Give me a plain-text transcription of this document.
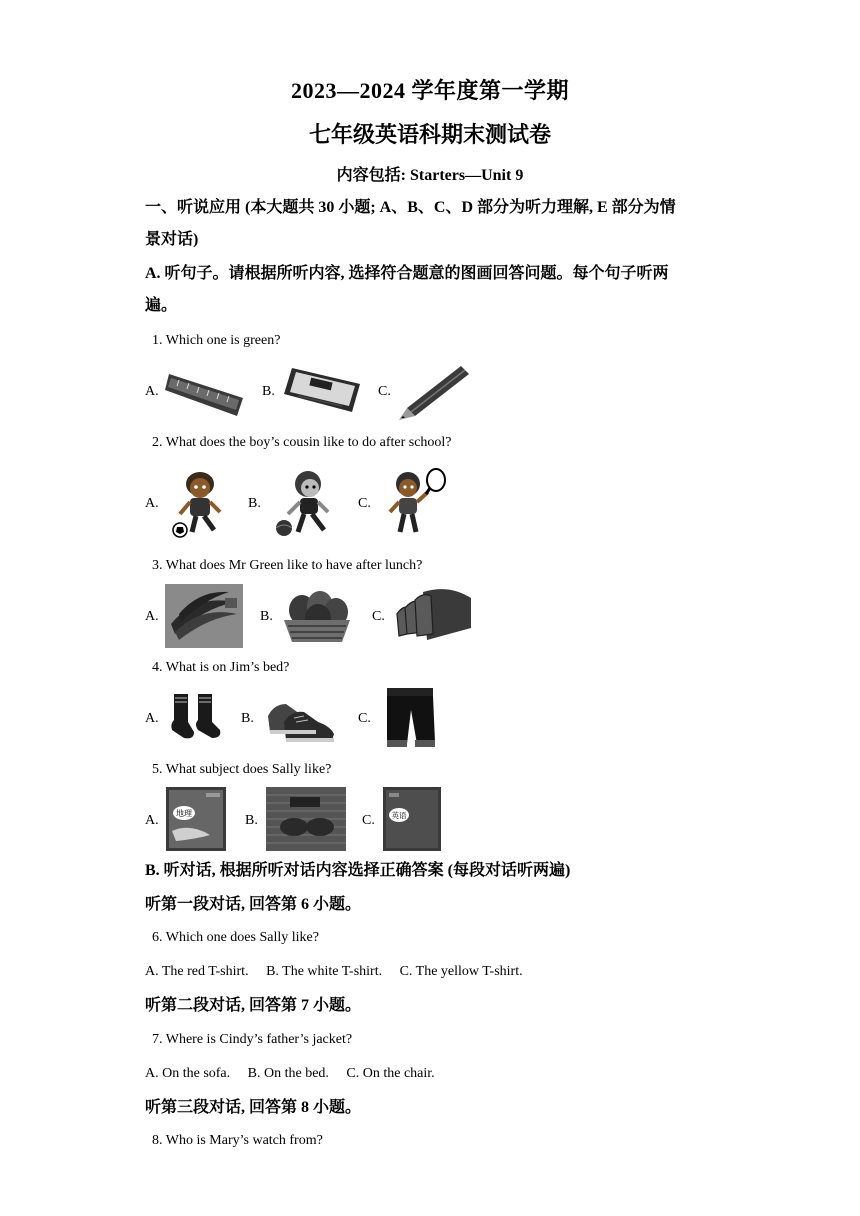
2023—2024 学年度第一学期
七年级英语科期末测试卷
内容包括: Starters—Unit 9
一、听说应用 (本大题共 30 小题; A、B、C、D 部分为听力理解, E 部分为情
景对话)
A. 听句子。请根据所听内容, 选择符合题意的图画回答问题。每个句子听两
遍。
1. Which one is green?
A.	B.	C.
2. What does the boy’s cousin like to do after school?
A.	B.	C.
3. What does Mr Green like to have after lunch?
A.	B.	C.
4. What is on Jim’s bed?
A.	B.	C.
5. What subject does Sally like?
A.	B.	C.
地理	英语
B. 听对话, 根据所听对话内容选择正确答案 (每段对话听两遍)
听第一段对话, 回答第 6 小题。
6. Which one does Sally like?
A. The red T-shirt.     B. The white T-shirt.     C. The yellow T-shirt.
听第二段对话, 回答第 7 小题。
7. Where is Cindy’s father’s jacket?
A. On the sofa.     B. On the bed.     C. On the chair.
听第三段对话, 回答第 8 小题。
8. Who is Mary’s watch from?
